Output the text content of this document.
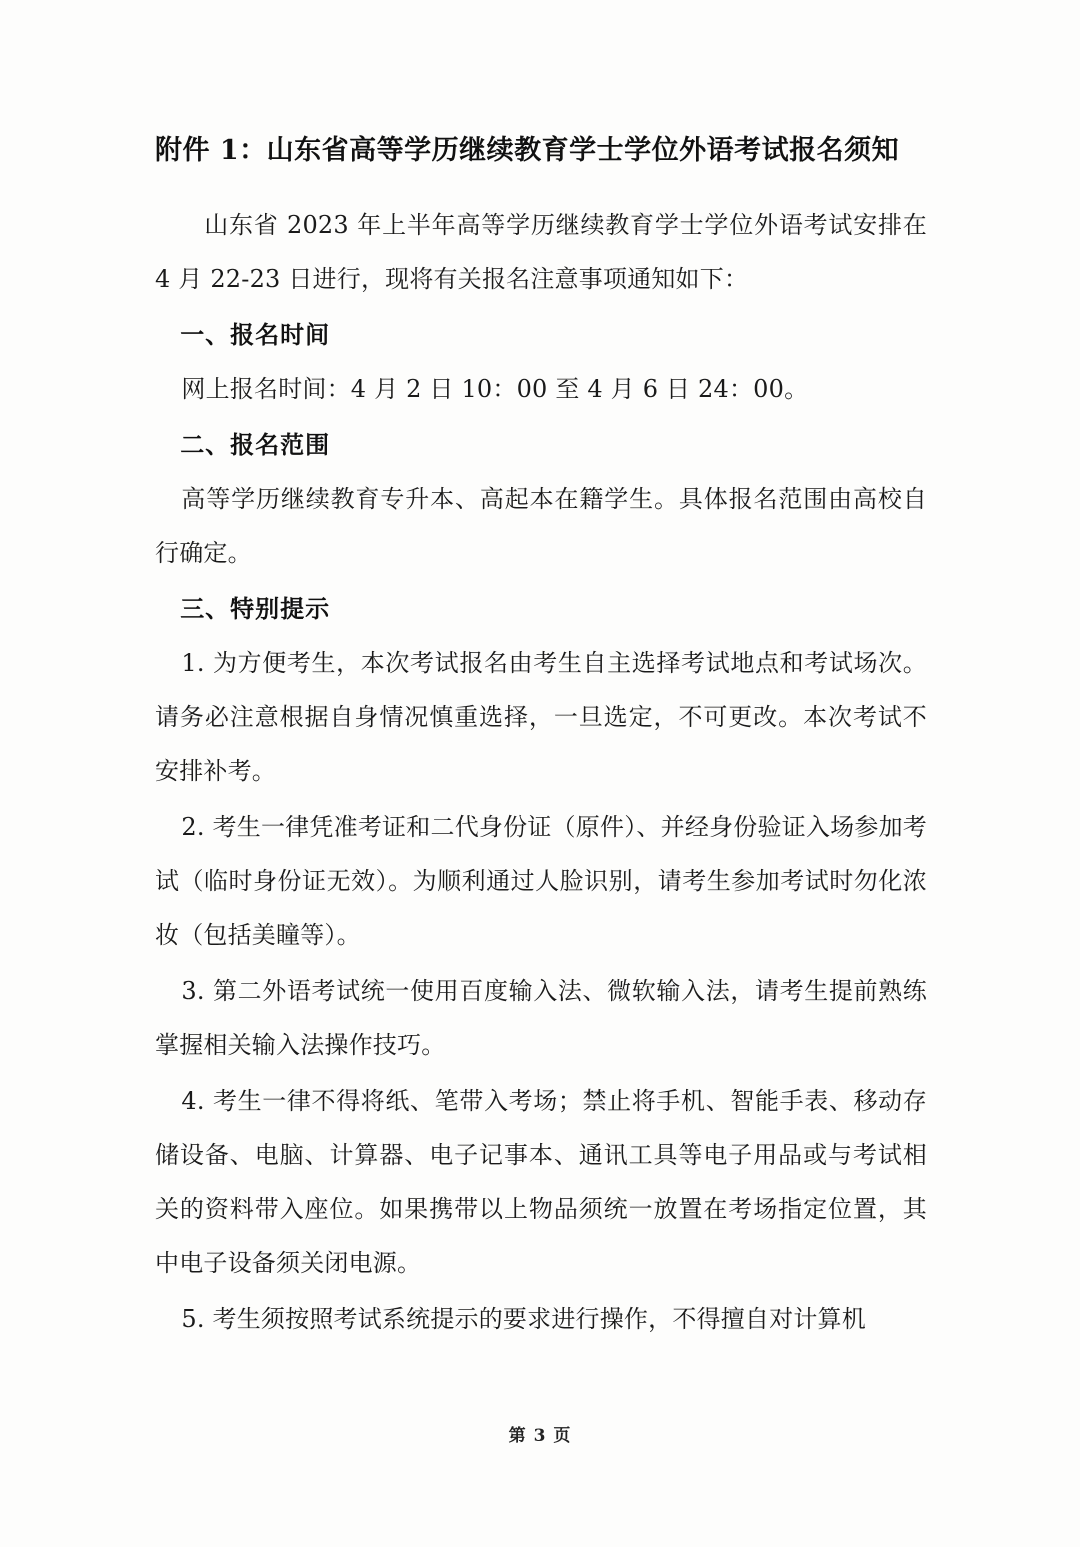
附件 1：山东省高等学历继续教育学士学位外语考试报名须知

山东省 2023 年上半年高等学历继续教育学士学位外语考试安排在 4 月 22-23 日进行，现将有关报名注意事项通知如下：

一、报名时间

网上报名时间：4 月 2 日 10：00 至 4 月 6 日 24：00。

二、报名范围

高等学历继续教育专升本、高起本在籍学生。具体报名范围由高校自行确定。

三、特别提示

1. 为方便考生，本次考试报名由考生自主选择考试地点和考试场次。请务必注意根据自身情况慎重选择，一旦选定，不可更改。本次考试不安排补考。

2. 考生一律凭准考证和二代身份证（原件）、并经身份验证入场参加考试（临时身份证无效）。为顺利通过人脸识别，请考生参加考试时勿化浓妆（包括美瞳等）。

3. 第二外语考试统一使用百度输入法、微软输入法，请考生提前熟练掌握相关输入法操作技巧。

4. 考生一律不得将纸、笔带入考场；禁止将手机、智能手表、移动存储设备、电脑、计算器、电子记事本、通讯工具等电子用品或与考试相关的资料带入座位。如果携带以上物品须统一放置在考场指定位置，其中电子设备须关闭电源。

5. 考生须按照考试系统提示的要求进行操作，不得擅自对计算机

第 3 页
